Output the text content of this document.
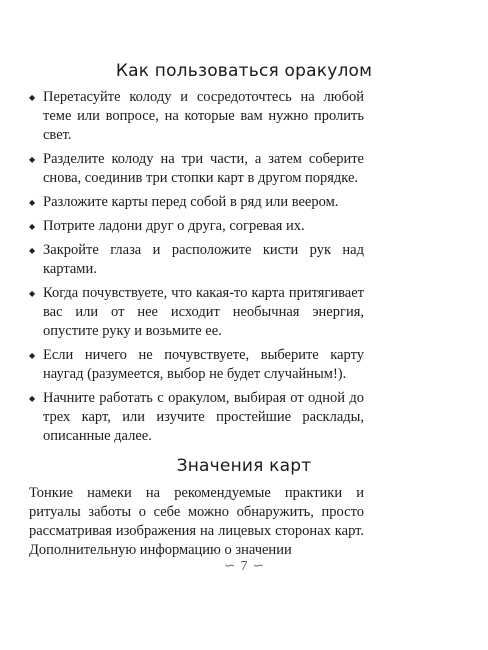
Как пользоваться оракулом
◆ Перетасуйте колоду и сосредоточтесь на любой теме или вопросе, на которые вам нужно пролить свет.
◆ Разделите колоду на три части, а затем соберите снова, соединив три стопки карт в другом порядке.
◆ Разложите карты перед собой в ряд или веером.
◆ Потрите ладони друг о друга, согревая их.
◆ Закройте глаза и расположите кисти рук над картами.
◆ Когда почувствуете, что какая-то карта притягивает вас или от нее исходит необычная энергия, опустите руку и возьмите ее.
◆ Если ничего не почувствуете, выберите карту наугад (разумеется, выбор не будет случайным!).
◆ Начните работать с оракулом, выбирая от одной до трех карт, или изучите простейшие расклады, описанные далее.
Значения карт
Тонкие намеки на рекомендуемые практики и ритуалы заботы о себе можно обнаружить, просто рассматривая изображения на лицевых сторонах карт. Дополнительную информацию о значении
∽ 7 ∽
